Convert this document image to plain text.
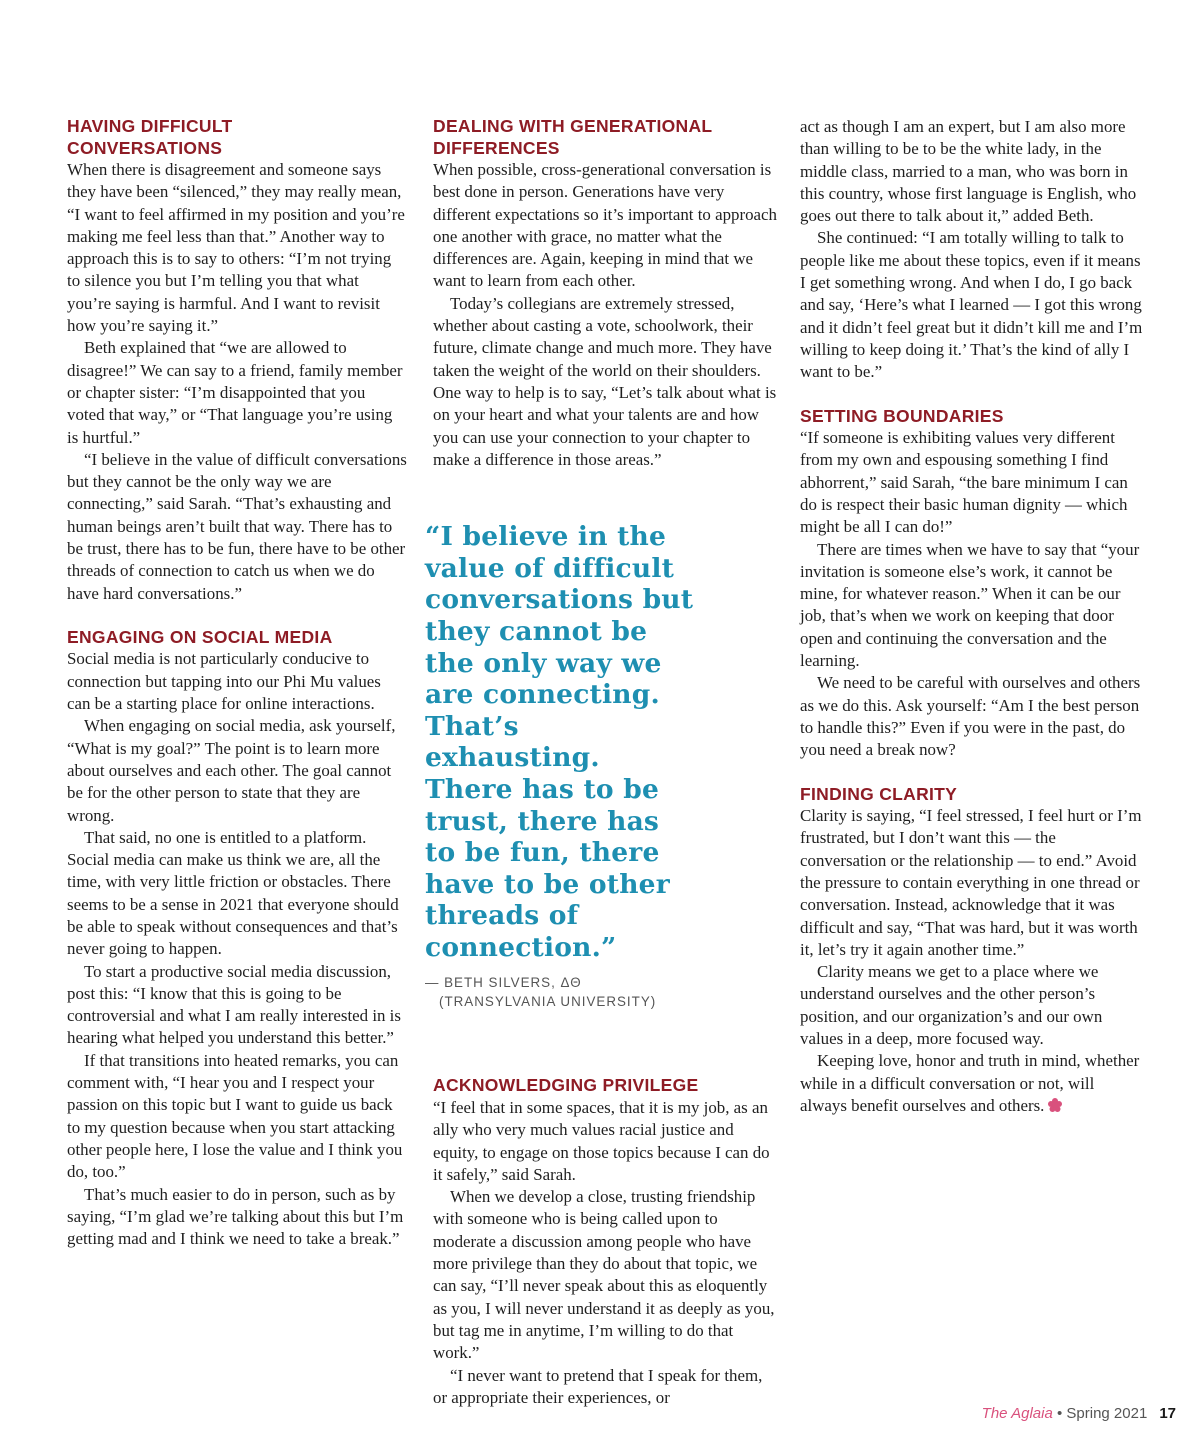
HAVING DIFFICULT CONVERSATIONS

When there is disagreement and someone says they have been “silenced,” they may really mean, “I want to feel affirmed in my position and you’re making me feel less than that.” Another way to approach this is to say to others: “I’m not trying to silence you but I’m telling you that what you’re saying is harmful. And I want to revisit how you’re saying it.”

Beth explained that “we are allowed to disagree!” We can say to a friend, family member or chapter sister: “I’m disappointed that you voted that way,” or “That language you’re using is hurtful.”

“I believe in the value of difficult conversations but they cannot be the only way we are connecting,” said Sarah. “That’s exhausting and human beings aren’t built that way. There has to be trust, there has to be fun, there have to be other threads of connection to catch us when we do have hard conversations.”

ENGAGING ON SOCIAL MEDIA

Social media is not particularly conducive to connection but tapping into our Phi Mu values can be a starting place for online interactions.

When engaging on social media, ask yourself, “What is my goal?” The point is to learn more about ourselves and each other. The goal cannot be for the other person to state that they are wrong.

That said, no one is entitled to a platform. Social media can make us think we are, all the time, with very little friction or obstacles. There seems to be a sense in 2021 that everyone should be able to speak without consequences and that’s never going to happen.

To start a productive social media discussion, post this: “I know that this is going to be controversial and what I am really interested in is hearing what helped you understand this better.”

If that transitions into heated remarks, you can comment with, “I hear you and I respect your passion on this topic but I want to guide us back to my question because when you start attacking other people here, I lose the value and I think you do, too.”

That’s much easier to do in person, such as by saying, “I’m glad we’re talking about this but I’m getting mad and I think we need to take a break.”

DEALING WITH GENERATIONAL DIFFERENCES

When possible, cross-generational conversation is best done in person. Generations have very different expectations so it’s important to approach one another with grace, no matter what the differences are. Again, keeping in mind that we want to learn from each other.

Today’s collegians are extremely stressed, whether about casting a vote, schoolwork, their future, climate change and much more. They have taken the weight of the world on their shoulders. One way to help is to say, “Let’s talk about what is on your heart and what your talents are and how you can use your connection to your chapter to make a difference in those areas.”

“I believe in the value of difficult conversations but they cannot be the only way we are connecting. That’s exhausting. There has to be trust, there has to be fun, there have to be other threads of connection.”
— BETH SILVERS, ΔΘ
(TRANSYLVANIA UNIVERSITY)
ACKNOWLEDGING PRIVILEGE

“I feel that in some spaces, that it is my job, as an ally who very much values racial justice and equity, to engage on those topics because I can do it safely,” said Sarah.

When we develop a close, trusting friendship with someone who is being called upon to moderate a discussion among people who have more privilege than they do about that topic, we can say, “I’ll never speak about this as eloquently as you, I will never understand it as deeply as you, but tag me in anytime, I’m willing to do that work.”

“I never want to pretend that I speak for them, or appropriate their experiences, or

act as though I am an expert, but I am also more than willing to be to be the white lady, in the middle class, married to a man, who was born in this country, whose first language is English, who goes out there to talk about it,” added Beth.

She continued: “I am totally willing to talk to people like me about these topics, even if it means I get something wrong. And when I do, I go back and say, ‘Here’s what I learned — I got this wrong and it didn’t feel great but it didn’t kill me and I’m willing to keep doing it.’ That’s the kind of ally I want to be.”

SETTING BOUNDARIES

“If someone is exhibiting values very different from my own and espousing something I find abhorrent,” said Sarah, “the bare minimum I can do is respect their basic human dignity — which might be all I can do!”

There are times when we have to say that “your invitation is someone else’s work, it cannot be mine, for whatever reason.” When it can be our job, that’s when we work on keeping that door open and continuing the conversation and the learning.

We need to be careful with ourselves and others as we do this. Ask yourself: “Am I the best person to handle this?” Even if you were in the past, do you need a break now?

FINDING CLARITY

Clarity is saying, “I feel stressed, I feel hurt or I’m frustrated, but I don’t want this — the conversation or the relationship — to end.” Avoid the pressure to contain everything in one thread or conversation. Instead, acknowledge that it was difficult and say, “That was hard, but it was worth it, let’s try it again another time.”

Clarity means we get to a place where we understand ourselves and the other person’s position, and our organization’s and our own values in a deep, more focused way.

Keeping love, honor and truth in mind, whether while in a difficult conversation or not, will always benefit ourselves and others.

The Aglaia • Spring 2021 17
